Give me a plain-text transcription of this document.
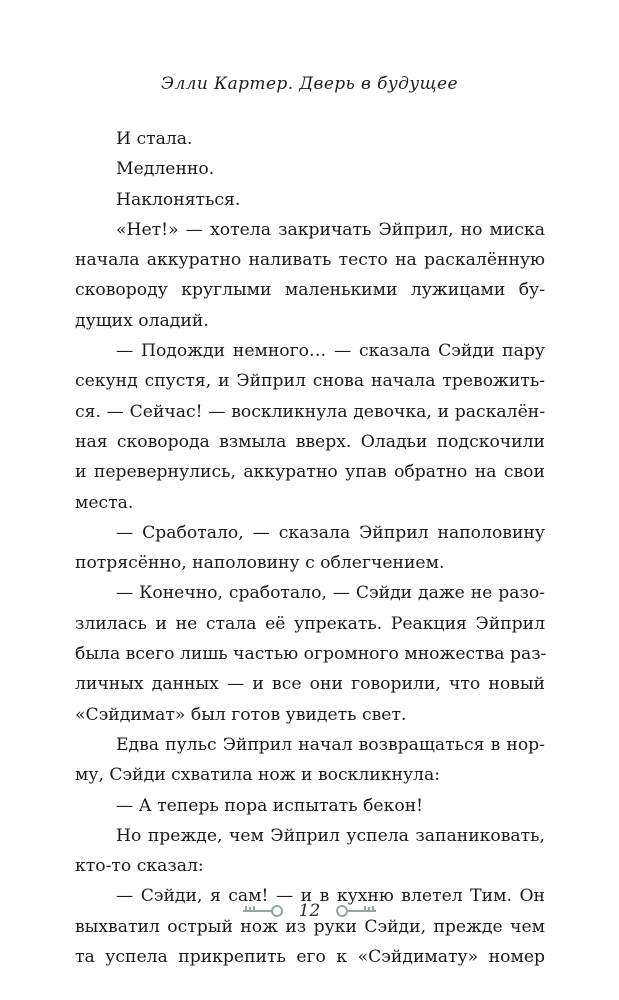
Элли Картер. Дверь в будущее
И стала.
Медленно.
Наклоняться.
«Нет!» — хотела закричать Эйприл, но миска
начала аккуратно наливать тесто на раскалённую
сковороду круглыми маленькими лужицами бу-
дущих оладий.
— Подожди немного… — сказала Сэйди пару
секунд спустя, и Эйприл снова начала тревожить-
ся. — Сейчас! — воскликнула девочка, и раскалён-
ная сковорода взмыла вверх. Оладьи подскочили
и перевернулись, аккуратно упав обратно на свои
места.
— Сработало, — сказала Эйприл наполовину
потрясённо, наполовину с облегчением.
— Конечно, сработало, — Сэйди даже не разо-
злилась и не стала её упрекать. Реакция Эйприл
была всего лишь частью огромного множества раз-
личных данных — и все они говорили, что новый
«Сэйдимат» был готов увидеть свет.
Едва пульс Эйприл начал возвращаться в нор-
му, Сэйди схватила нож и воскликнула:
— А теперь пора испытать бекон!
Но прежде, чем Эйприл успела запаниковать,
кто-то сказал:
— Сэйди, я сам! — и в кухню влетел Тим. Он
выхватил острый нож из руки Сэйди, прежде чем
та успела прикрепить его к «Сэйдимату» номер
12
